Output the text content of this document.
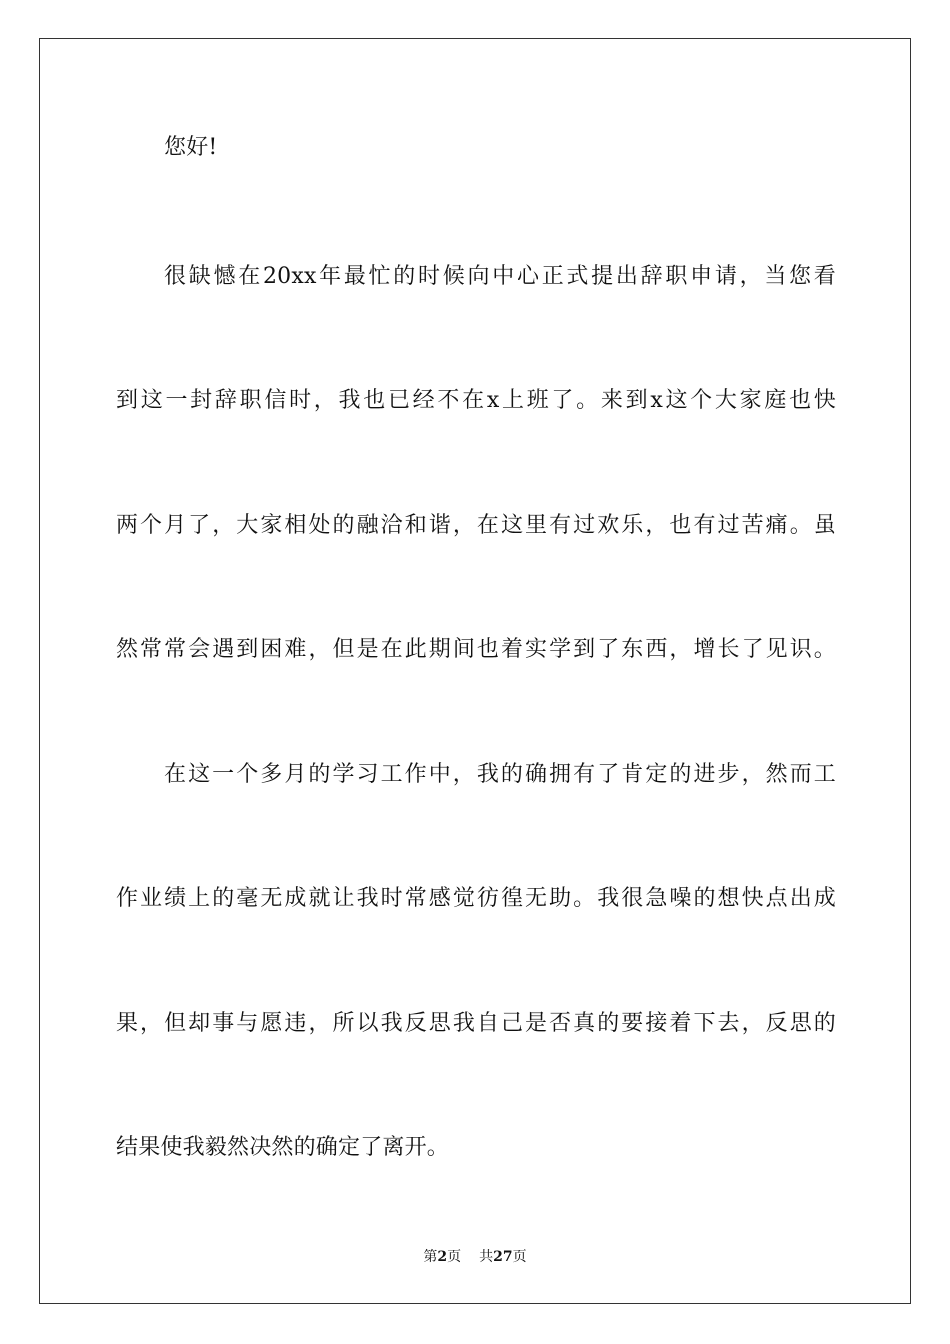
您好!
很缺憾在20xx年最忙的时候向中心正式提出辞职申请，当您看
到这一封辞职信时，我也已经不在x上班了。来到x这个大家庭也快
两个月了，大家相处的融洽和谐，在这里有过欢乐，也有过苦痛。虽
然常常会遇到困难，但是在此期间也着实学到了东西，增长了见识。
在这一个多月的学习工作中，我的确拥有了肯定的进步，然而工
作业绩上的毫无成就让我时常感觉彷徨无助。我很急噪的想快点出成
果，但却事与愿违，所以我反思我自己是否真的要接着下去，反思的
结果使我毅然决然的确定了离开。
第2页 共27页
